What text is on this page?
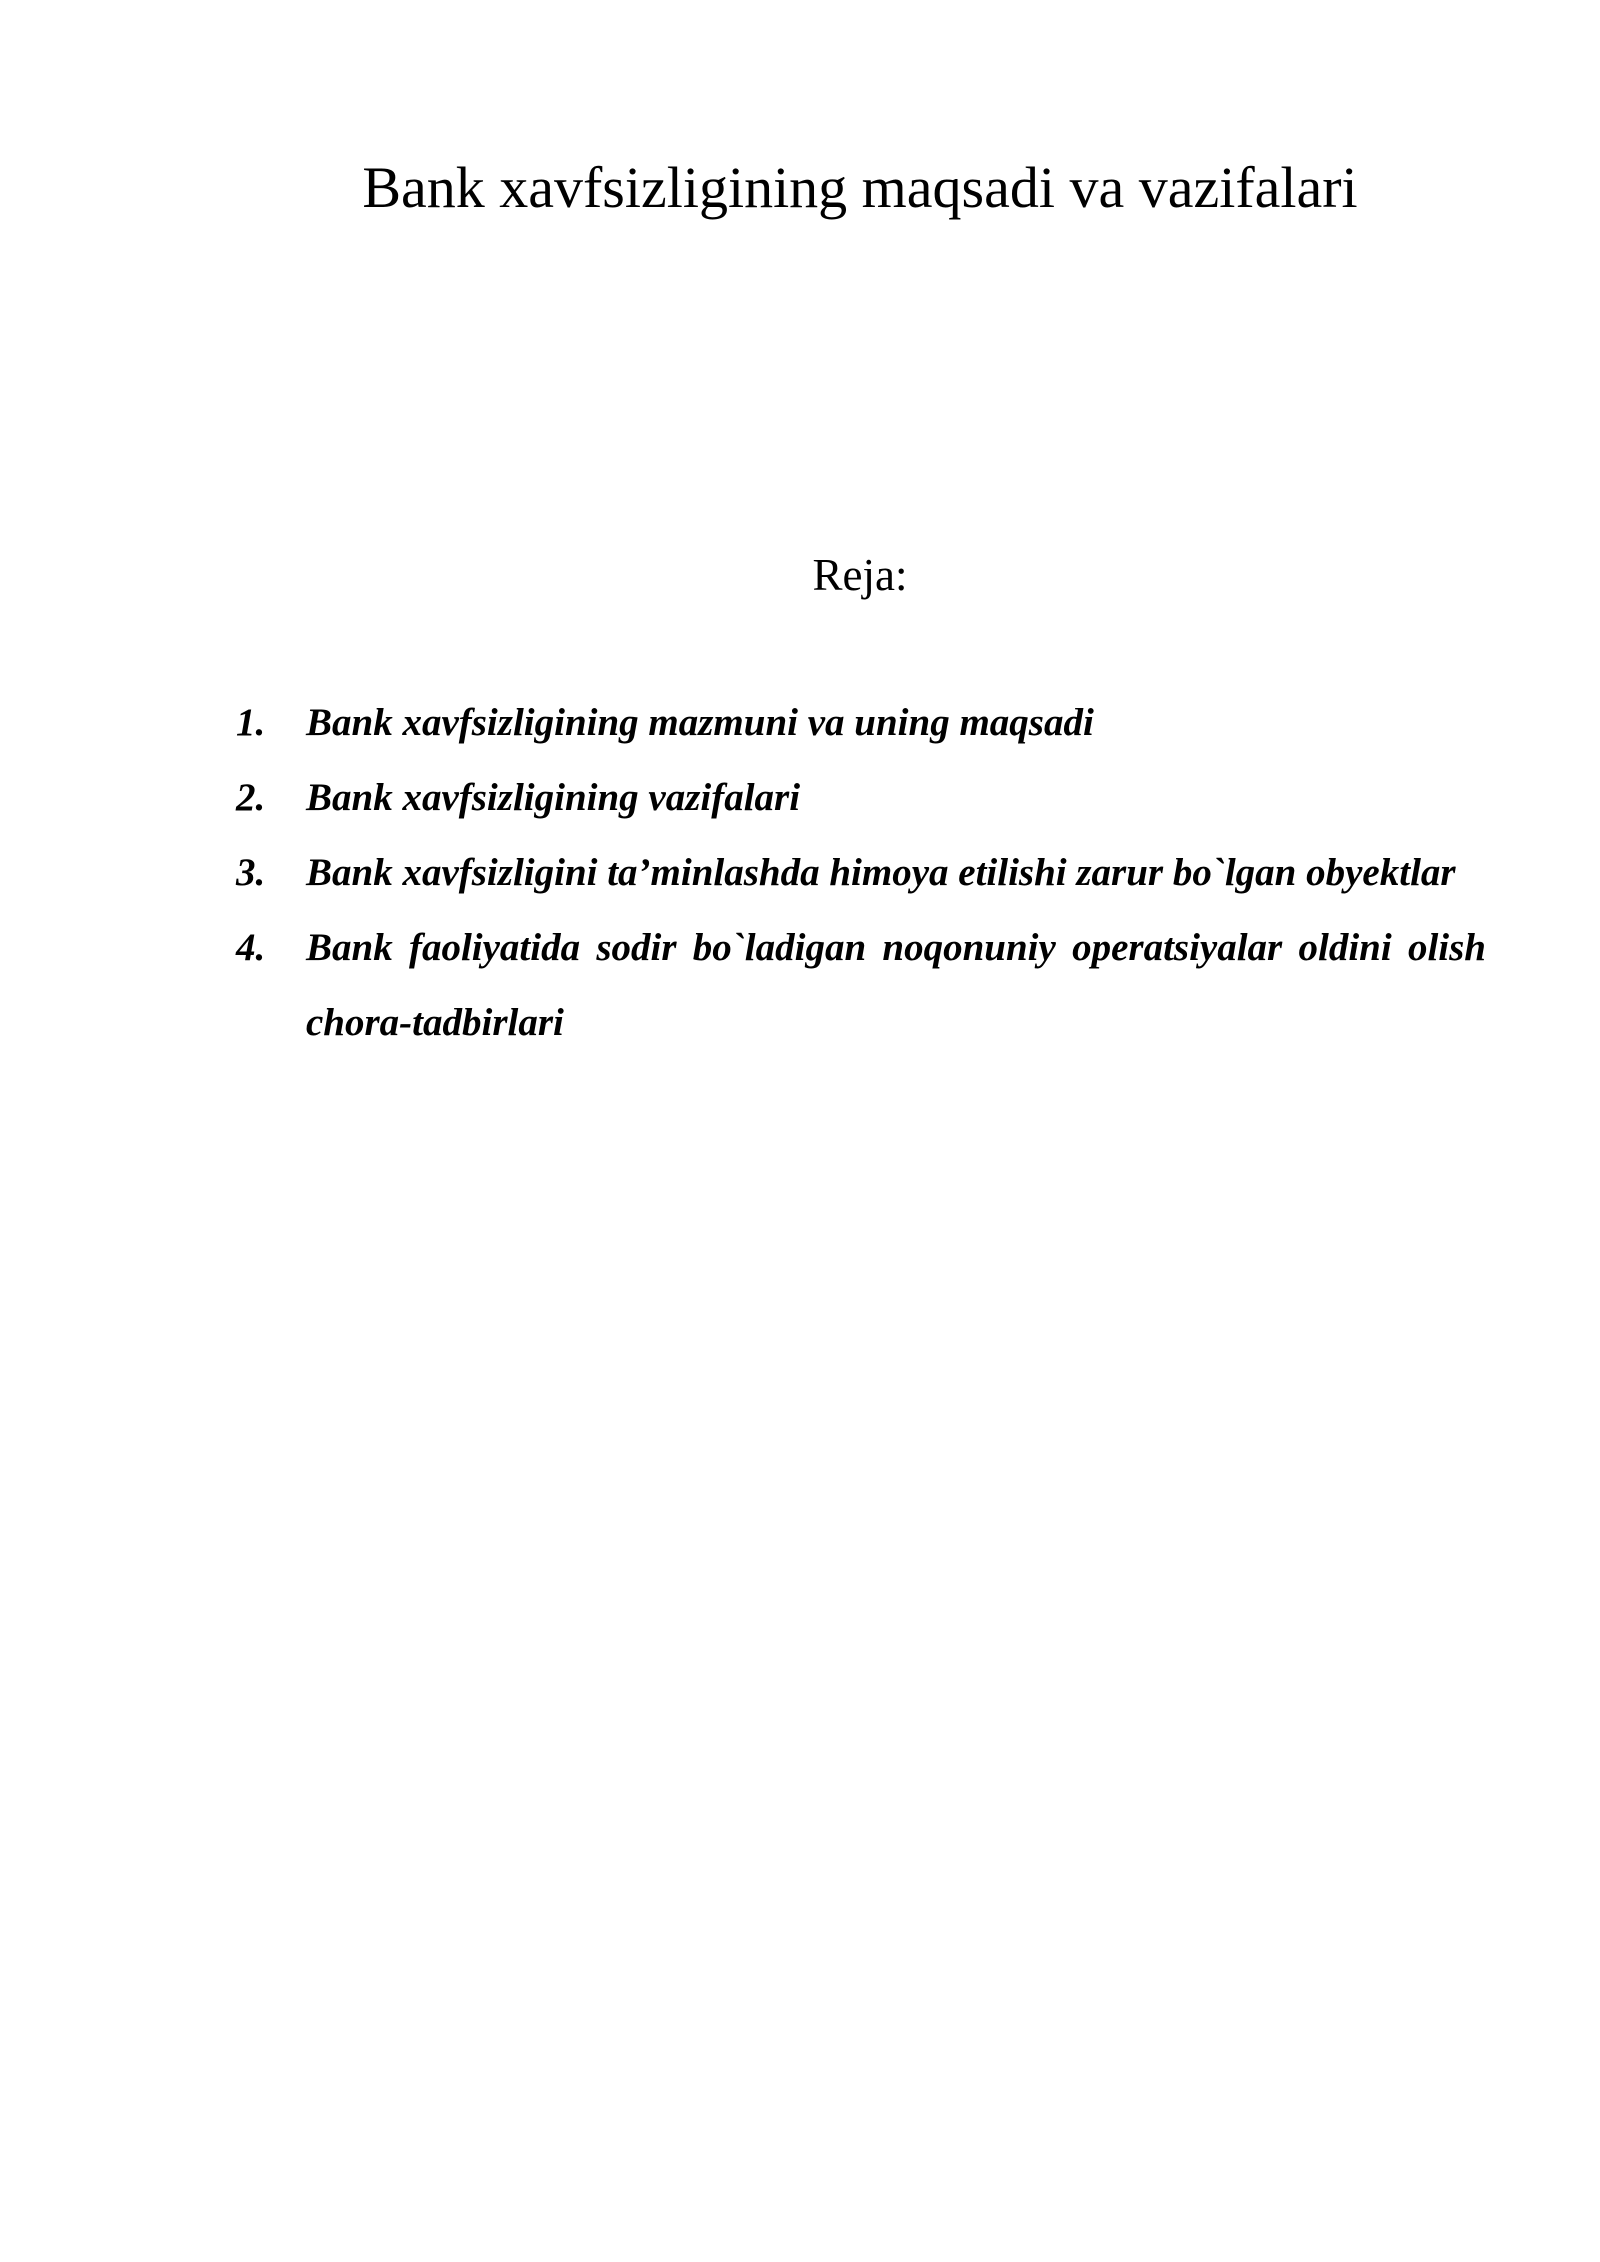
Bank xavfsizligining maqsadi va vazifalari

Reja:

1. Bank xavfsizligining mazmuni va uning maqsadi
2. Bank xavfsizligining vazifalari
3. Bank xavfsizligini ta’minlashda himoya etilishi zarur bo`lgan obyektlar
4. Bank faoliyatida sodir bo`ladigan noqonuniy operatsiyalar oldini olish chora-tadbirlari
